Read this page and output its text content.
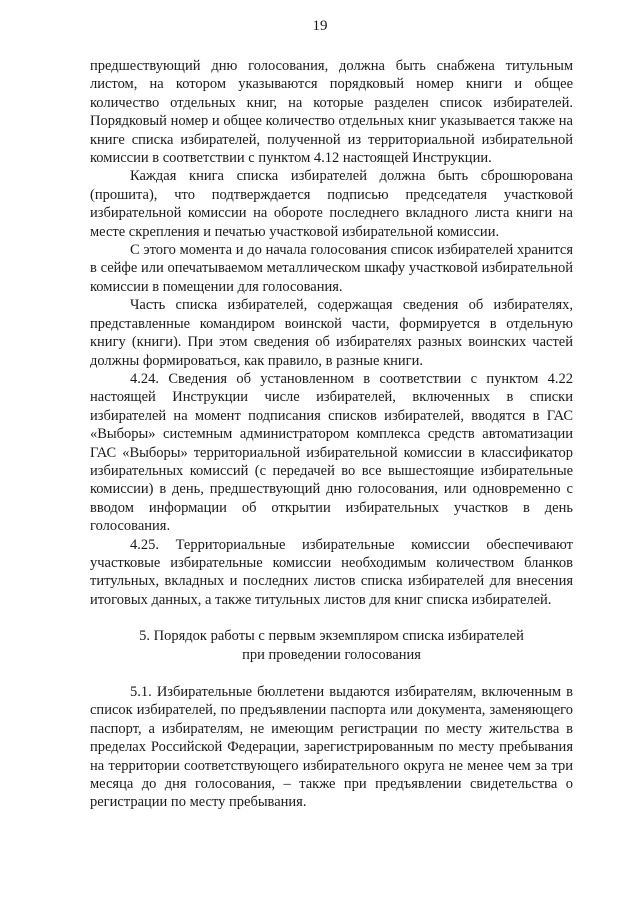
19

предшествующий дню голосования, должна быть снабжена титульным листом, на котором указываются порядковый номер книги и общее количество отдельных книг, на которые разделен список избирателей. Порядковый номер и общее количество отдельных книг указывается также на книге списка избирателей, полученной из территориальной избирательной комиссии в соответствии с пунктом 4.12 настоящей Инструкции.

Каждая книга списка избирателей должна быть сброшюрована (прошита), что подтверждается подписью председателя участковой избирательной комиссии на обороте последнего вкладного листа книги на месте скрепления и печатью участковой избирательной комиссии.

С этого момента и до начала голосования список избирателей хранится в сейфе или опечатываемом металлическом шкафу участковой избирательной комиссии в помещении для голосования.

Часть списка избирателей, содержащая сведения об избирателях, представленные командиром воинской части, формируется в отдельную книгу (книги). При этом сведения об избирателях разных воинских частей должны формироваться, как правило, в разные книги.

4.24. Сведения об установленном в соответствии с пунктом 4.22 настоящей Инструкции числе избирателей, включенных в списки избирателей на момент подписания списков избирателей, вводятся в ГАС «Выборы» системным администратором комплекса средств автоматизации ГАС «Выборы» территориальной избирательной комиссии в классификатор избирательных комиссий (с передачей во все вышестоящие избирательные комиссии) в день, предшествующий дню голосования, или одновременно с вводом информации об открытии избирательных участков в день голосования.

4.25. Территориальные избирательные комиссии обеспечивают участковые избирательные комиссии необходимым количеством бланков титульных, вкладных и последних листов списка избирателей для внесения итоговых данных, а также титульных листов для книг списка избирателей.

5. Порядок работы с первым экземпляром списка избирателей
при проведении голосования

5.1. Избирательные бюллетени выдаются избирателям, включенным в список избирателей, по предъявлении паспорта или документа, заменяющего паспорт, а избирателям, не имеющим регистрации по месту жительства в пределах Российской Федерации, зарегистрированным по месту пребывания на территории соответствующего избирательного округа не менее чем за три месяца до дня голосования, – также при предъявлении свидетельства о регистрации по месту пребывания.
